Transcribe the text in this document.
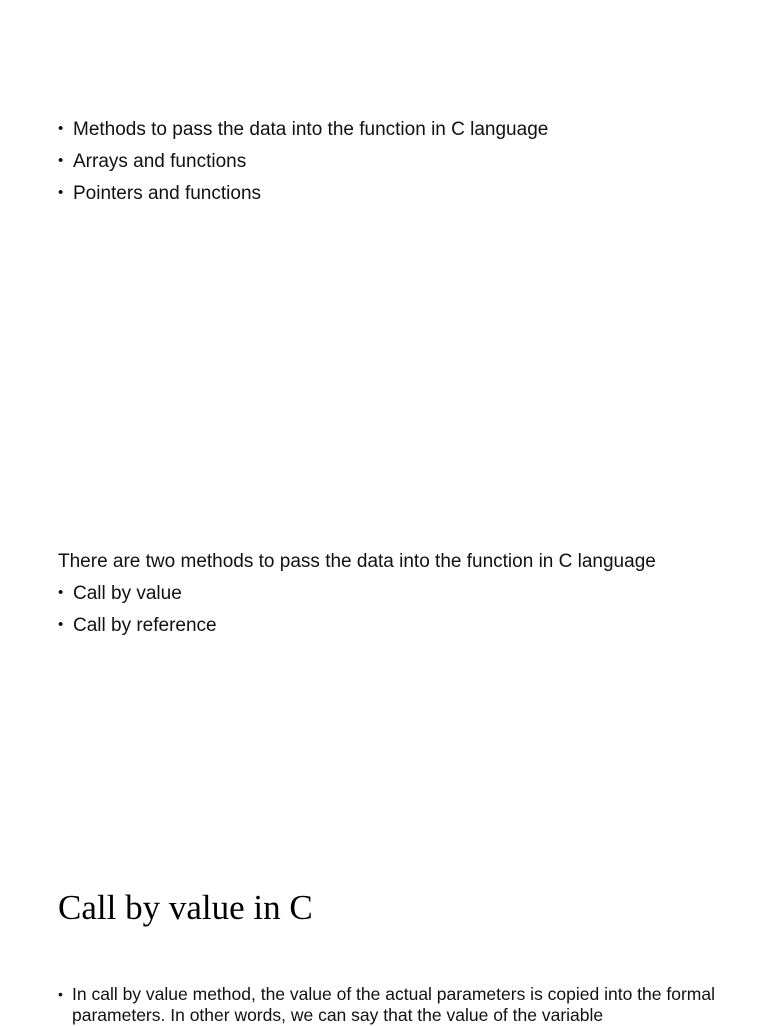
• Methods to pass the data into the function in C language
• Arrays and functions
• Pointers and functions
There are two methods to pass the data into the function in C language
• Call by value
• Call by reference
Call by value in C
• In call by value method, the value of the actual parameters is copied into the formal parameters. In other words, we can say that the value of the variable
